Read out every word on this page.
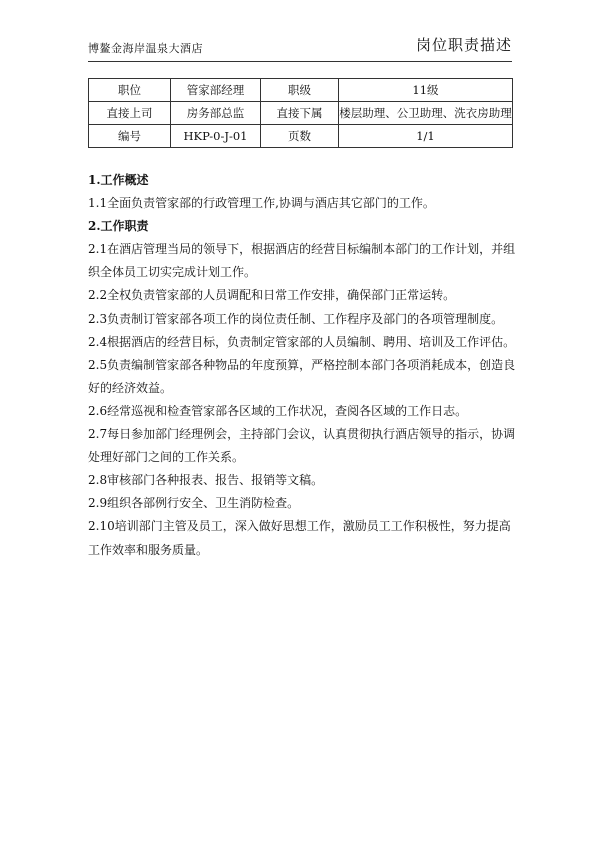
博鳌金海岸温泉大酒店	岗位职责描述
职位	管家部经理	职级	11级
直接上司	房务部总监	直接下属	楼层助理、公卫助理、洗衣房助理
编号	HKP-0-J-01	页数	1/1

1.工作概述

1.1全面负责管家部的行政管理工作,协调与酒店其它部门的工作。

2.工作职责

2.1在酒店管理当局的领导下，根据酒店的经营目标编制本部门的工作计划，并组织全体员工切实完成计划工作。

2.2全权负责管家部的人员调配和日常工作安排，确保部门正常运转。

2.3负责制订管家部各项工作的岗位责任制、工作程序及部门的各项管理制度。

2.4根据酒店的经营目标，负责制定管家部的人员编制、聘用、培训及工作评估。

2.5负责编制管家部各种物品的年度预算，严格控制本部门各项消耗成本，创造良好的经济效益。

2.6经常巡视和检查管家部各区域的工作状况，查阅各区域的工作日志。

2.7每日参加部门经理例会，主持部门会议，认真贯彻执行酒店领导的指示，协调处理好部门之间的工作关系。

2.8审核部门各种报表、报告、报销等文稿。

2.9组织各部例行安全、卫生消防检查。

2.10培训部门主管及员工，深入做好思想工作，激励员工工作积极性，努力提高工作效率和服务质量。
